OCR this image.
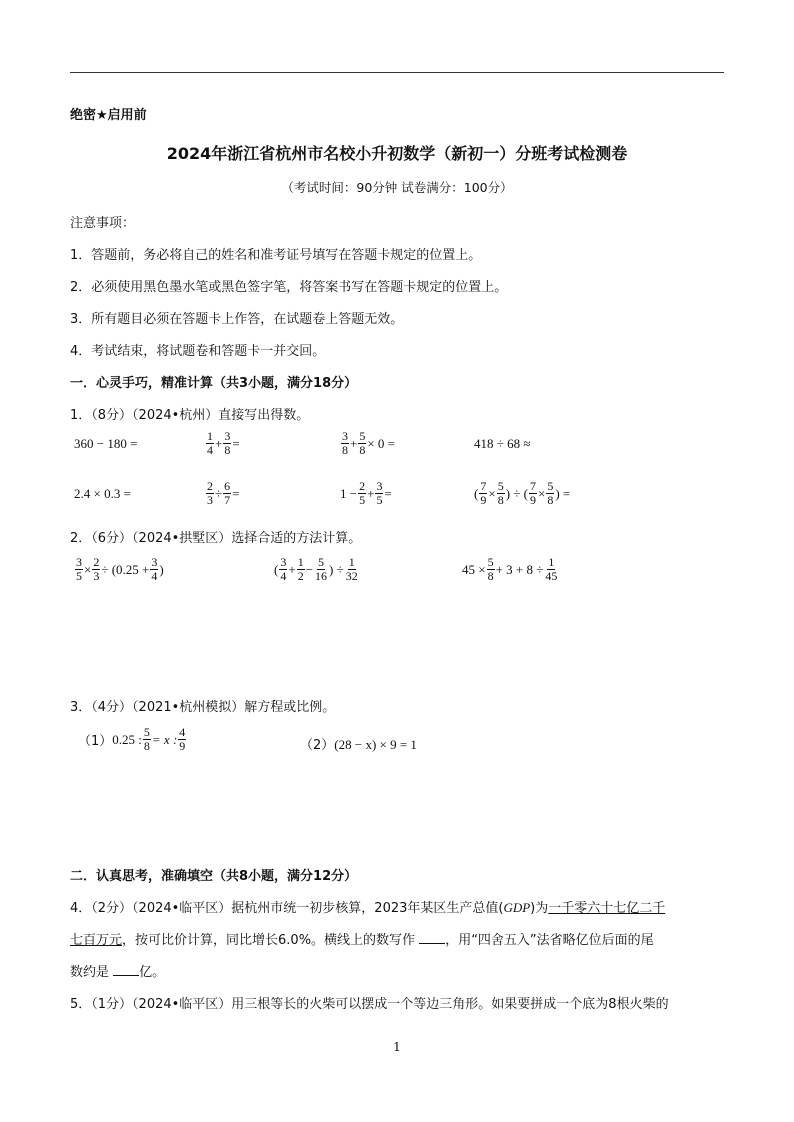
绝密★启用前
2024年浙江省杭州市名校小升初数学（新初一）分班考试检测卷
（考试时间：90分钟 试卷满分：100分）
注意事项：
1．答题前，务必将自己的姓名和准考证号填写在答题卡规定的位置上。
2．必须使用黑色墨水笔或黑色签字笔，将答案书写在答题卡规定的位置上。
3．所有题目必须在答题卡上作答，在试题卷上答题无效。
4．考试结束，将试题卷和答题卡一并交回。
一．心灵手巧，精准计算（共3小题，满分18分）
1．（8分）（2024•杭州）直接写出得数。
360 − 180 =	$\frac{1}{4} + \frac{3}{8}$ =	$\frac{3}{8} + \frac{5}{8} \times 0$ =	418 ÷ 68 ≈
2.4 × 0.3 =	$\frac{2}{3} \div \frac{6}{7}$ =	$1 - \frac{2}{5} + \frac{3}{5}$ =	( $\frac{7}{9} \times \frac{5}{8}$ ) ÷ ( $\frac{7}{9} \times \frac{5}{8}$ ) =
2．（6分）（2024•拱墅区）选择合适的方法计算。
$\frac{3}{5} \times \frac{2}{3} \div (0.25 + \frac{3}{4}$ )	( $\frac{3}{4} + \frac{1}{2} - \frac{5}{16}$ ) ÷ $\frac{1}{32}$	$45 \times \frac{5}{8} + 3 + 8 \div \frac{1}{45}$
3．（4分）（2021•杭州模拟）解方程或比例。
（1） 0.25 : $\frac{5}{8} = x$ : $\frac{4}{9}$	（2）(28 − x) × 9 = 1
二．认真思考，准确填空（共8小题，满分12分）
4．（2分）（2024•临平区）据杭州市统一初步核算，2023年某区生产总值(GDP)为一千零六十七亿二千
七百万元，按可比价计算，同比增长6.0%。横线上的数写作 ，用“四舍五入”法省略亿位后面的尾
数约是 亿。
5．（1分）（2024•临平区）用三根等长的火柴可以摆成一个等边三角形。如果要拼成一个底为8根火柴的
1
